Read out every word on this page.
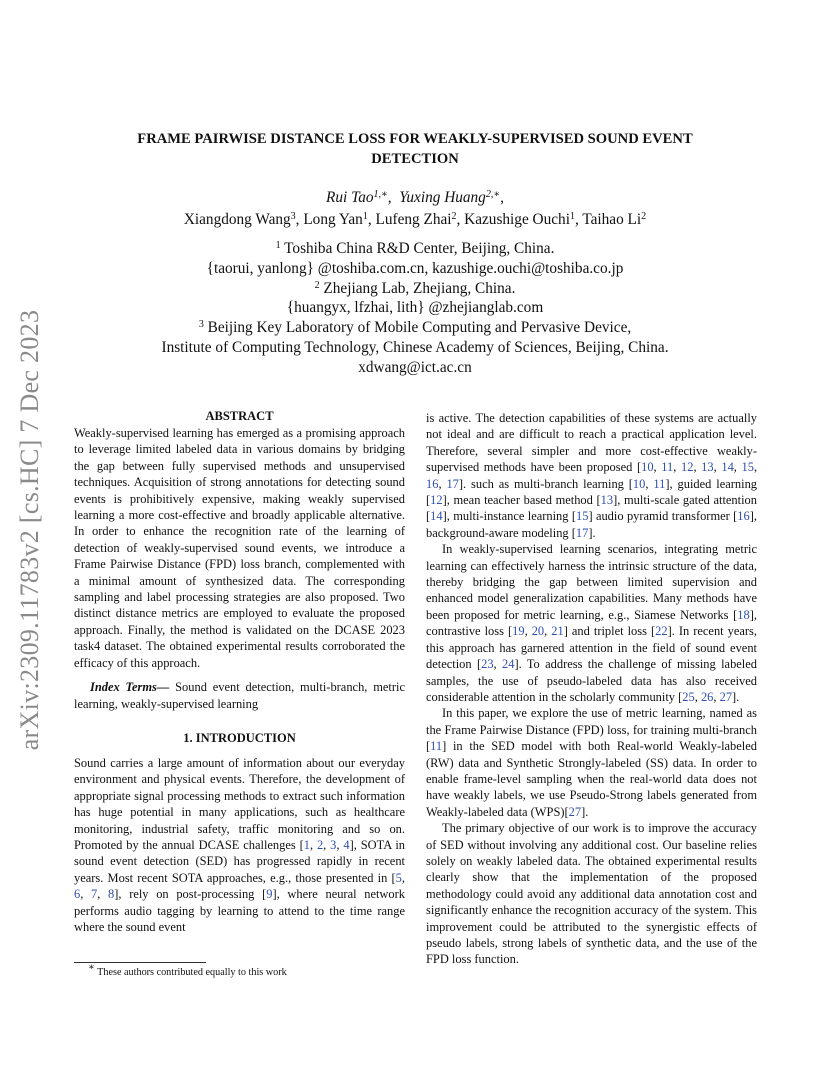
arXiv:2309.11783v2 [cs.HC] 7 Dec 2023
FRAME PAIRWISE DISTANCE LOSS FOR WEAKLY-SUPERVISED SOUND EVENT
DETECTION
Rui Tao$^{1,∗}$,  Yuxing Huang$^{2,∗}$,
Xiangdong Wang$^3$, Long Yan$^1$, Lufeng Zhai$^2$, Kazushige Ouchi$^1$, Taihao Li$^2$
$^1$ Toshiba China R&D Center, Beijing, China.
{taorui, yanlong} @toshiba.com.cn, kazushige.ouchi@toshiba.co.jp
$^2$ Zhejiang Lab, Zhejiang, China.
{huangyx, lfzhai, lith} @zhejianglab.com
$^3$ Beijing Key Laboratory of Mobile Computing and Pervasive Device,
Institute of Computing Technology, Chinese Academy of Sciences, Beijing, China.
xdwang@ict.ac.cn
ABSTRACT

Weakly-supervised learning has emerged as a promising approach to leverage limited labeled data in various domains by bridging the gap between fully supervised methods and unsupervised techniques. Acquisition of strong annotations for detecting sound events is prohibitively expensive, making weakly supervised learning a more cost-effective and broadly applicable alternative. In order to enhance the recognition rate of the learning of detection of weakly-supervised sound events, we introduce a Frame Pairwise Distance (FPD) loss branch, complemented with a minimal amount of synthesized data. The corresponding sampling and label processing strategies are also proposed. Two distinct distance metrics are employed to evaluate the proposed approach. Finally, the method is validated on the DCASE 2023 task4 dataset. The obtained experimental results corroborated the efficacy of this approach.

Index Terms— Sound event detection, multi-branch, metric learning, weakly-supervised learning

1. INTRODUCTION

Sound carries a large amount of information about our everyday environment and physical events. Therefore, the development of appropriate signal processing methods to extract such information has huge potential in many applications, such as healthcare monitoring, industrial safety, traffic monitoring and so on. Promoted by the annual DCASE challenges [1, 2, 3, 4], SOTA in sound event detection (SED) has progressed rapidly in recent years. Most recent SOTA approaches, e.g., those presented in [5, 6, 7, 8], rely on post-processing [9], where neural network performs audio tagging by learning to attend to the time range where the sound event

is active. The detection capabilities of these systems are actually not ideal and are difficult to reach a practical application level. Therefore, several simpler and more cost-effective weakly-supervised methods have been proposed [10, 11, 12, 13, 14, 15, 16, 17]. such as multi-branch learning [10, 11], guided learning [12], mean teacher based method [13], multi-scale gated attention [14], multi-instance learning [15] audio pyramid transformer [16], background-aware modeling [17].

In weakly-supervised learning scenarios, integrating metric learning can effectively harness the intrinsic structure of the data, thereby bridging the gap between limited supervision and enhanced model generalization capabilities. Many methods have been proposed for metric learning, e.g., Siamese Networks [18], contrastive loss [19, 20, 21] and triplet loss [22]. In recent years, this approach has garnered attention in the field of sound event detection [23, 24]. To address the challenge of missing labeled samples, the use of pseudo-labeled data has also received considerable attention in the scholarly community [25, 26, 27].

In this paper, we explore the use of metric learning, named as the Frame Pairwise Distance (FPD) loss, for training multi-branch [11] in the SED model with both Real-world Weakly-labeled (RW) data and Synthetic Strongly-labeled (SS) data. In order to enable frame-level sampling when the real-world data does not have weakly labels, we use Pseudo-Strong labels generated from Weakly-labeled data (WPS)[27].

The primary objective of our work is to improve the accuracy of SED without involving any additional cost. Our baseline relies solely on weakly labeled data. The obtained experimental results clearly show that the implementation of the proposed methodology could avoid any additional data annotation cost and significantly enhance the recognition accuracy of the system. This improvement could be attributed to the synergistic effects of pseudo labels, strong labels of synthetic data, and the use of the FPD loss function.

∗ These authors contributed equally to this work
